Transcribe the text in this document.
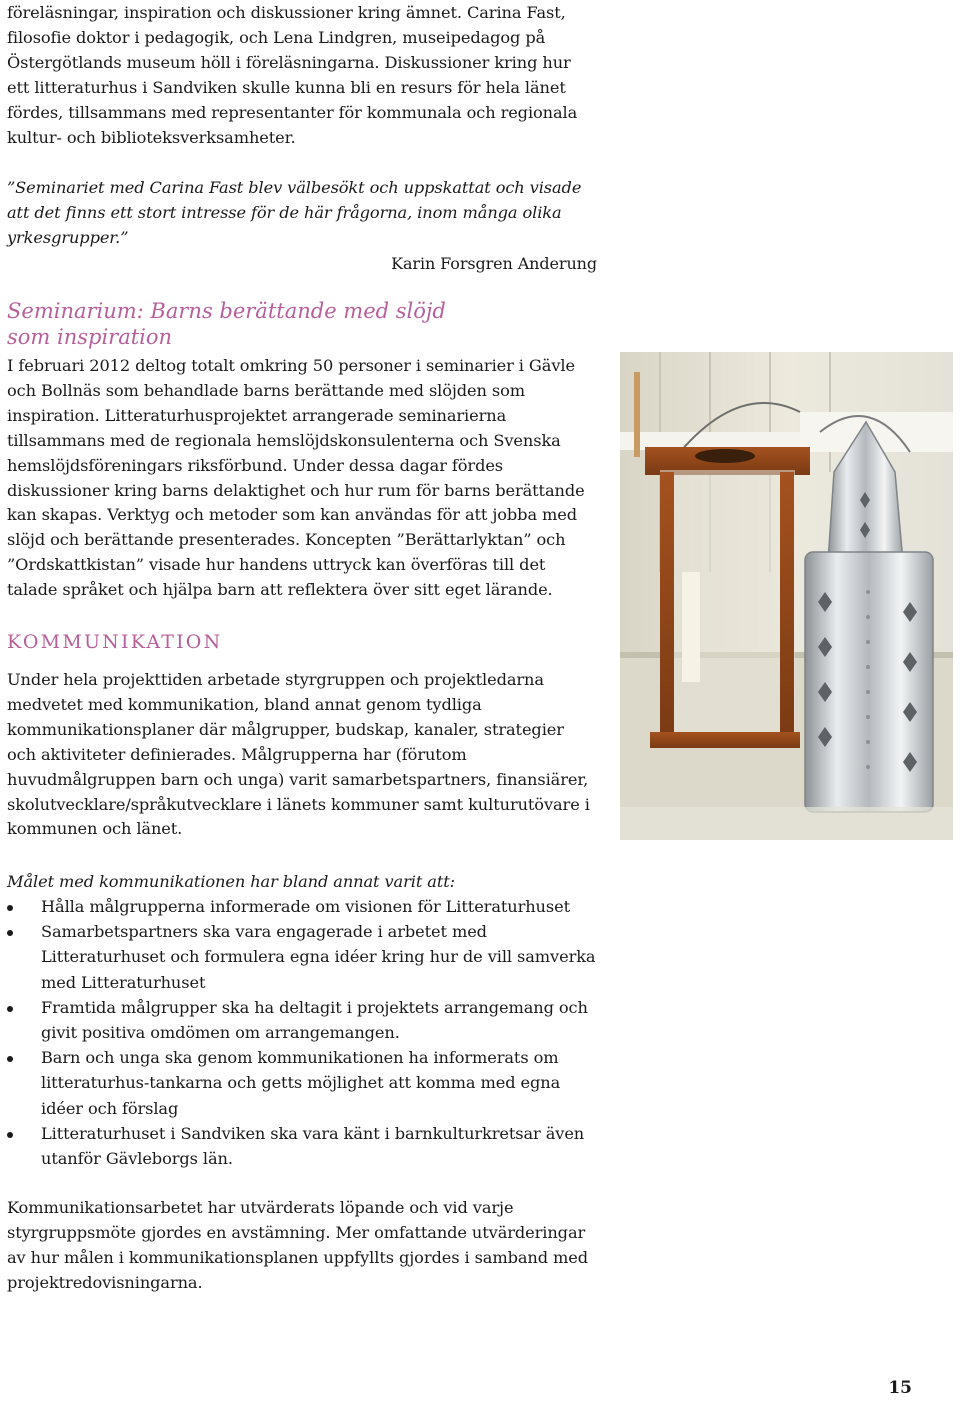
föreläsningar, inspiration och diskussioner kring ämnet. Carina Fast, filosofie doktor i pedagogik, och Lena Lindgren, museipedagog på Östergötlands museum höll i föreläsningarna. Diskussioner kring hur ett litteraturhus i Sandviken skulle kunna bli en resurs för hela länet fördes, tillsammans med representanter för kommunala och regionala kultur- och biblioteksverksamheter.

”Seminariet med Carina Fast blev välbesökt och uppskattat och visade att det finns ett stort intresse för de här frågorna, inom många olika yrkesgrupper.”

Karin Forsgren Anderung

Seminarium: Barns berättande med slöjd
som inspiration

I februari 2012 deltog totalt omkring 50 personer i seminarier i Gävle och Bollnäs som behandlade barns berättande med slöjden som inspiration. Litteraturhusprojektet arrangerade seminarierna tillsammans med de regionala hemslöjdskonsulenterna och Svenska hemslöjdsföreningars riksförbund. Under dessa dagar fördes diskussioner kring barns delaktighet och hur rum för barns berättande kan skapas. Verktyg och metoder som kan användas för att jobba med slöjd och berättande presenterades. Koncepten ”Berättarlyktan” och ”Ordskattkistan” visade hur handens uttryck kan överföras till det talade språket och hjälpa barn att reflektera över sitt eget lärande.

KOMMUNIKATION

Under hela projekttiden arbetade styrgruppen och projektledarna medvetet med kommunikation, bland annat genom tydliga kommunikationsplaner där målgrupper, budskap, kanaler, strategier och aktiviteter definierades. Målgrupperna har (förutom huvudmålgruppen barn och unga) varit samarbetspartners, finansiärer, skolutvecklare/språkutvecklare i länets kommuner samt kulturutövare i kommunen och länet.

Målet med kommunikationen har bland annat varit att:

Hålla målgrupperna informerade om visionen för Litteraturhuset
Samarbetspartners ska vara engagerade i arbetet med Litteraturhuset och formulera egna idéer kring hur de vill samverka med Litteraturhuset
Framtida målgrupper ska ha deltagit i projektets arrangemang och givit positiva omdömen om arrangemangen.
Barn och unga ska genom kommunikationen ha informerats om litteraturhus-tankarna och getts möjlighet att komma med egna idéer och förslag
Litteraturhuset i Sandviken ska vara känt i barnkulturkretsar även utanför Gävleborgs län.

Kommunikationsarbetet har utvärderats löpande och vid varje styrgruppsmöte gjordes en avstämning. Mer omfattande utvärderingar av hur målen i kommunikationsplanen uppfyllts gjordes i samband med projektredovisningarna.

15
